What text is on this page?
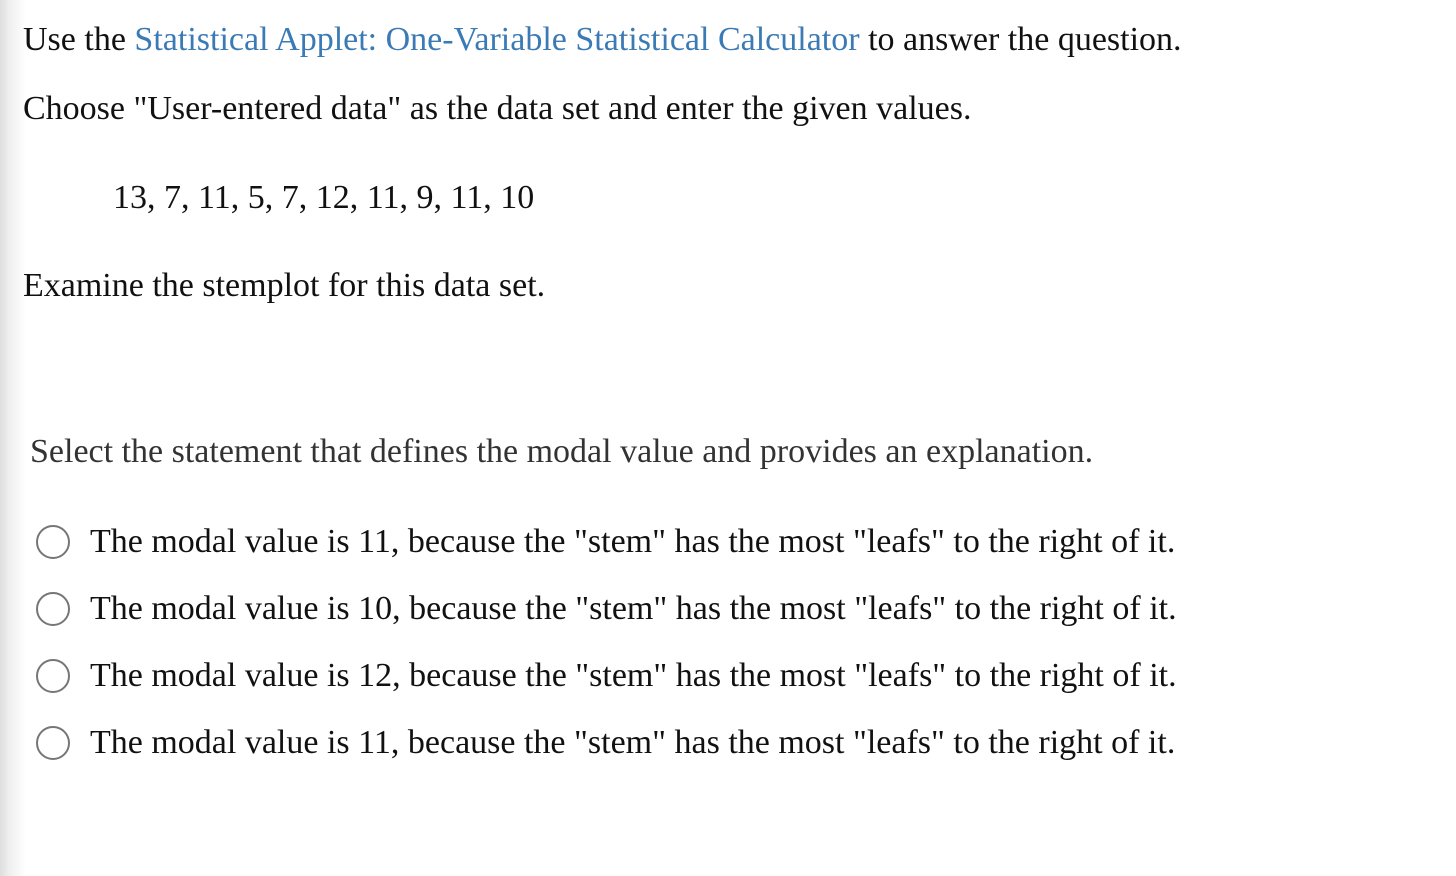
Use the Statistical Applet: One-Variable Statistical Calculator to answer the question.
Choose "User-entered data" as the data set and enter the given values.
13, 7, 11, 5, 7, 12, 11, 9, 11, 10
Examine the stemplot for this data set.
Select the statement that defines the modal value and provides an explanation.
The modal value is 11, because the "stem" has the most "leafs" to the right of it.
The modal value is 10, because the "stem" has the most "leafs" to the right of it.
The modal value is 12, because the "stem" has the most "leafs" to the right of it.
The modal value is 11, because the "stem" has the most "leafs" to the right of it.
